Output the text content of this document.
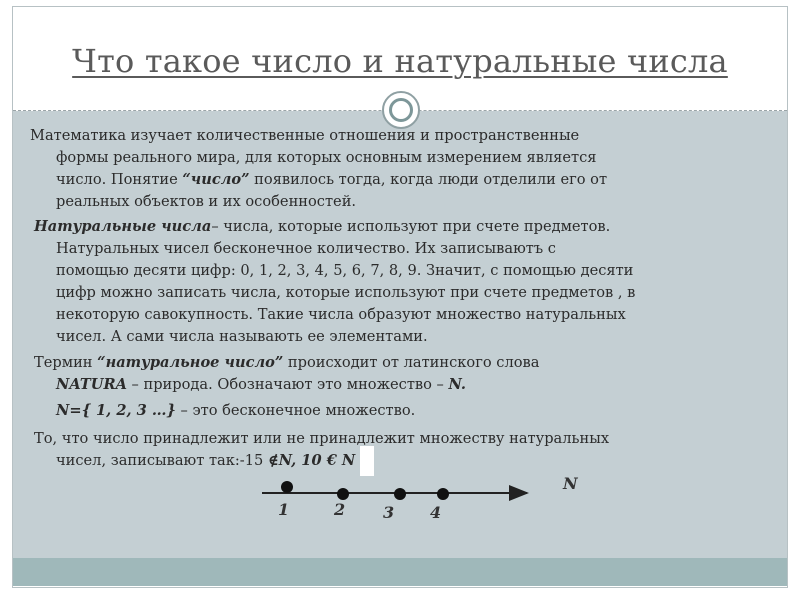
Что такое число и натуральные числа
Математика изучает количественные отношения и пространственные
формы реального мира, для которых основным измерением является
число. Понятие “число” появилось тогда, когда люди отделили его от
реальных объектов и их особенностей.
Натуральные числа– числа, которые используют при счете предметов.
Натуральных чисел бесконечное количество. Их записываютъ с
помощью десяти цифр: 0, 1, 2, 3, 4, 5, 6, 7, 8, 9. Значит, с помощью десяти
цифр можно записать числа, которые используют при счете предметов , в
некоторую савокупность. Такие числа образуют множество натуральных
чисел. А сами числа называють ее элементами.
Термин “натуральное число” происходит от латинского слова
NATURA – природа. Обозначают это множество – N.
N={ 1, 2, 3 …} – это бесконечное множество.
То, что число принадлежит или не принадлежит множеству натуральных
чисел, записывают так:-15 ∉N, 10 € N
N
1	2 3 4
